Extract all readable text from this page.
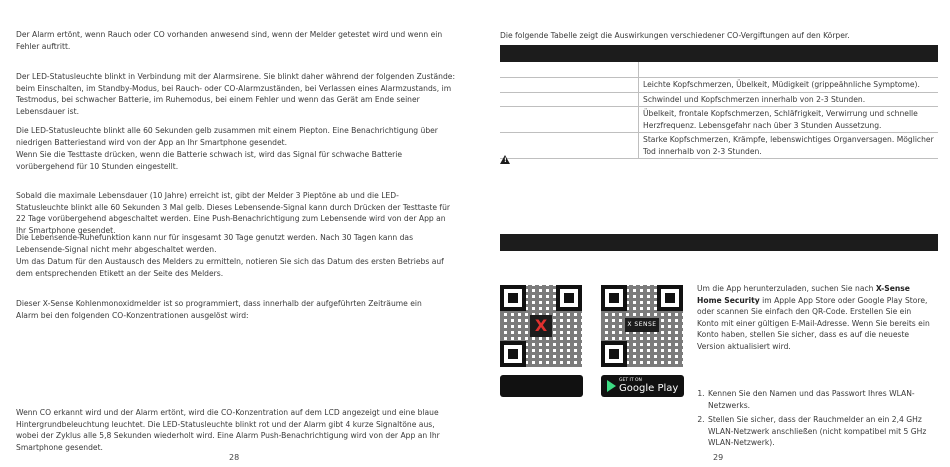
Der Alarm ertönt, wenn Rauch oder CO vorhanden anwesend sind, wenn der Melder getestet wird und wenn ein Fehler auftritt.

Der LED-Statusleuchte blinkt in Verbindung mit der Alarmsirene. Sie blinkt daher während der folgenden Zustände: beim Einschalten, im Standby-Modus, bei Rauch- oder CO-Alarmzuständen, bei Verlassen eines Alarmzustands, im Testmodus, bei schwacher Batterie, im Ruhemodus, bei einem Fehler und wenn das Gerät am Ende seiner Lebensdauer ist.

Die LED-Statusleuchte blinkt alle 60 Sekunden gelb zusammen mit einem Piepton. Eine Benachrichtigung über niedrigen Batteriestand wird von der App an Ihr Smartphone gesendet.

Wenn Sie die Testtaste drücken, wenn die Batterie schwach ist, wird das Signal für schwache Batterie vorübergehend für 10 Stunden eingestellt.

Sobald die maximale Lebensdauer (10 Jahre) erreicht ist, gibt der Melder 3 Pieptöne ab und die LED-Statusleuchte blinkt alle 60 Sekunden 3 Mal gelb. Dieses Lebensende-Signal kann durch Drücken der Testtaste für 22 Tage vorübergehend abgeschaltet werden. Eine Push-Benachrichtigung zum Lebensende wird von der App an Ihr Smartphone gesendet.

Die Lebensende-Ruhefunktion kann nur für insgesamt 30 Tage genutzt werden. Nach 30 Tagen kann das Lebensende-Signal nicht mehr abgeschaltet werden.

Um das Datum für den Austausch des Melders zu ermitteln, notieren Sie sich das Datum des ersten Betriebs auf dem entsprechenden Etikett an der Seite des Melders.

Dieser X-Sense Kohlenmonoxidmelder ist so programmiert, dass innerhalb der aufgeführten Zeiträume ein Alarm bei den folgenden CO-Konzentrationen ausgelöst wird:

Wenn CO erkannt wird und der Alarm ertönt, wird die CO-Konzentration auf dem LCD angezeigt und eine blaue Hintergrundbeleuchtung leuchtet. Die LED-Statusleuchte blinkt rot und der Alarm gibt 4 kurze Signaltöne aus, wobei der Zyklus alle 5,8 Sekunden wiederholt wird. Eine Alarm Push-Benachrichtigung wird von der App an Ihr Smartphone gesendet.

28

Die folgende Tabelle zeigt die Auswirkungen verschiedener CO-Vergiftungen auf den Körper.

	Leichte Kopfschmerzen, Übelkeit, Müdigkeit (grippeähnliche Symptome).
	Schwindel und Kopfschmerzen innerhalb von 2-3 Stunden.
	Übelkeit, frontale Kopfschmerzen, Schläfrigkeit, Verwirrung und schnelle Herzfrequenz. Lebensgefahr nach über 3 Stunden Aussetzung.
	Starke Kopfschmerzen, Krämpfe, lebenswichtiges Organversagen. Möglicher Tod innerhalb von 2-3 Stunden.
!
X	X SENSE
GET IT ON
Google Play

Um die App herunterzuladen, suchen Sie nach X-Sense Home Security im Apple App Store oder Google Play Store, oder scannen Sie einfach den QR-Code. Erstellen Sie ein Konto mit einer gültigen E-Mail-Adresse. Wenn Sie bereits ein Konto haben, stellen Sie sicher, dass es auf die neueste Version aktualisiert wird.

1. Kennen Sie den Namen und das Passwort Ihres WLAN-Netzwerks.
2. Stellen Sie sicher, dass der Rauchmelder an ein 2,4 GHz WLAN-Netzwerk anschließen (nicht kompatibel mit 5 GHz WLAN-Netzwerk).
29
